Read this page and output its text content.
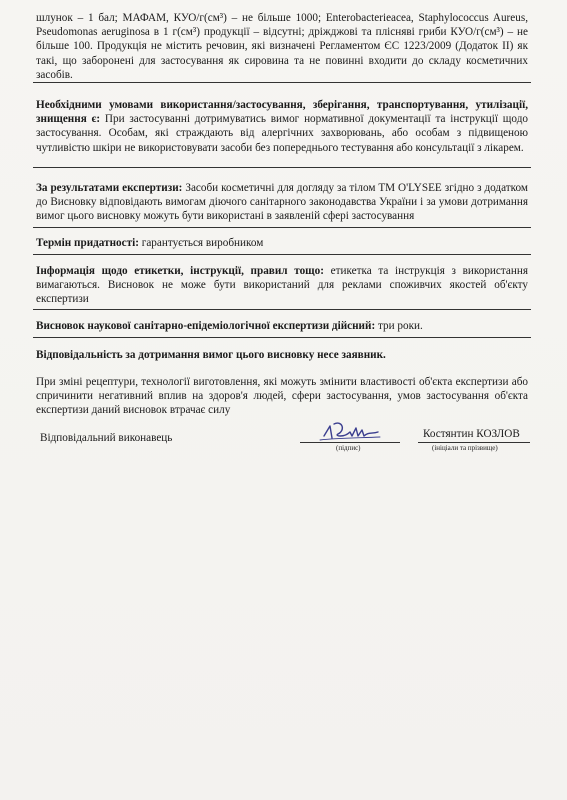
шлунок – 1 бал; МАФАМ, КУО/г(см³) – не більше 1000; Enterobacterieacea, Staphylococcus Aureus, Pseudomonas aeruginosa в 1 г(см³) продукції – відсутні; дріжджові та плісняві гриби КУО/г(см³) – не більше 100. Продукція не містить речовин, які визначені Регламентом ЄС 1223/2009 (Додаток ІІ) як такі, що заборонені для застосування як сировина та не повинні входити до складу косметичних засобів.
Необхідними умовами використання/застосування, зберігання, транспортування, утилізації, знищення є: При застосуванні дотримуватись вимог нормативної документації та інструкції щодо застосування. Особам, які страждають від алергічних захворювань, або особам з підвищеною чутливістю шкіри не використовувати засоби без попереднього тестування або консультації з лікарем.
За результатами експертизи: Засоби косметичні для догляду за тілом ТМ O'LYSEE згідно з додатком до Висновку відповідають вимогам діючого санітарного законодавства України і за умови дотримання вимог цього висновку можуть бути використані в заявленій сфері застосування
Термін придатності: гарантується виробником
Інформація щодо етикетки, інструкції, правил тощо: етикетка та інструкція з використання вимагаються. Висновок не може бути використаний для реклами споживчих якостей об'єкту експертизи
Висновок наукової санітарно-епідеміологічної експертизи дійсний: три роки.
Відповідальність за дотримання вимог цього висновку несе заявник.
При зміні рецептури, технології виготовлення, які можуть змінити властивості об'єкта експертизи або спричинити негативний вплив на здоров'я людей, сфери застосування, умов застосування об'єкта експертизи даний висновок втрачає силу
Відповідальний виконавець
(підпис)
Костянтин КОЗЛОВ
(ініціали та прізвище)
